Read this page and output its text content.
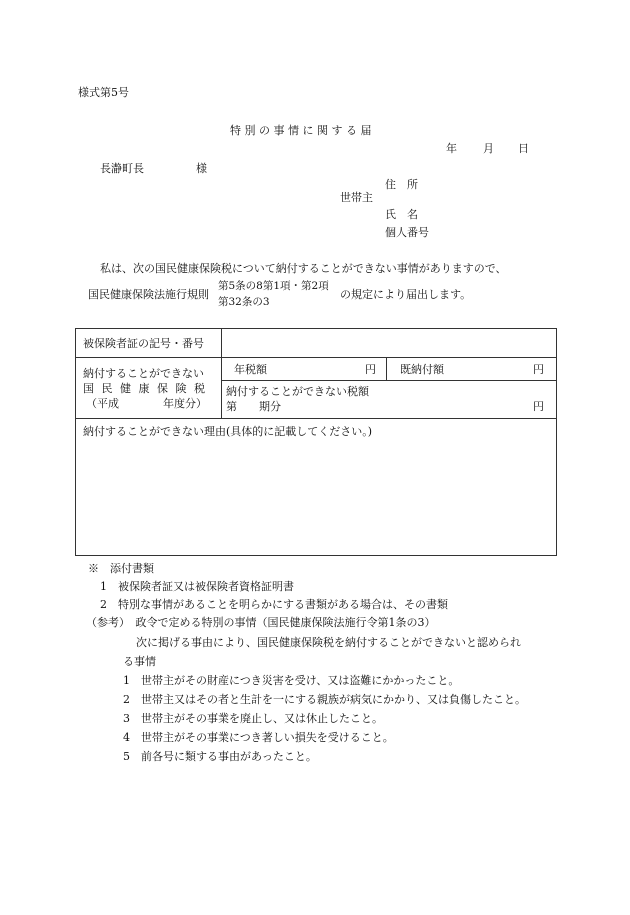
様式第5号
特 別 の 事 情 に 関 す る 届
年 月 日
長瀞町長	様
住　所
世帯主
氏　名
個人番号
私は、次の国民健康保険税について納付することができない事情がありますので、
国民健康保険法施行規則
第5条の8第1項・第2項
第32条の3
の規定により届出します。
被保険者証の記号・番号
納付することができない
国 民 健 康 保 険 税
（平成　　　　年度分）
年税額	円 既納付額	円
納付することができない税額
第　　期分	円
納付することができない理由(具体的に記載してください。)
※　添付書類
1　被保険者証又は被保険者資格証明書
2　特別な事情があることを明らかにする書類がある場合は、その書類
（参考）　政令で定める特別の事情（国民健康保険法施行令第1条の3）
次に掲げる事由により、国民健康保険税を納付することができないと認められ
る事情
1　世帯主がその財産につき災害を受け、又は盗難にかかったこと。
2　世帯主又はその者と生計を一にする親族が病気にかかり、又は負傷したこと。
3　世帯主がその事業を廃止し、又は休止したこと。
4　世帯主がその事業につき著しい損失を受けること。
5　前各号に類する事由があったこと。
